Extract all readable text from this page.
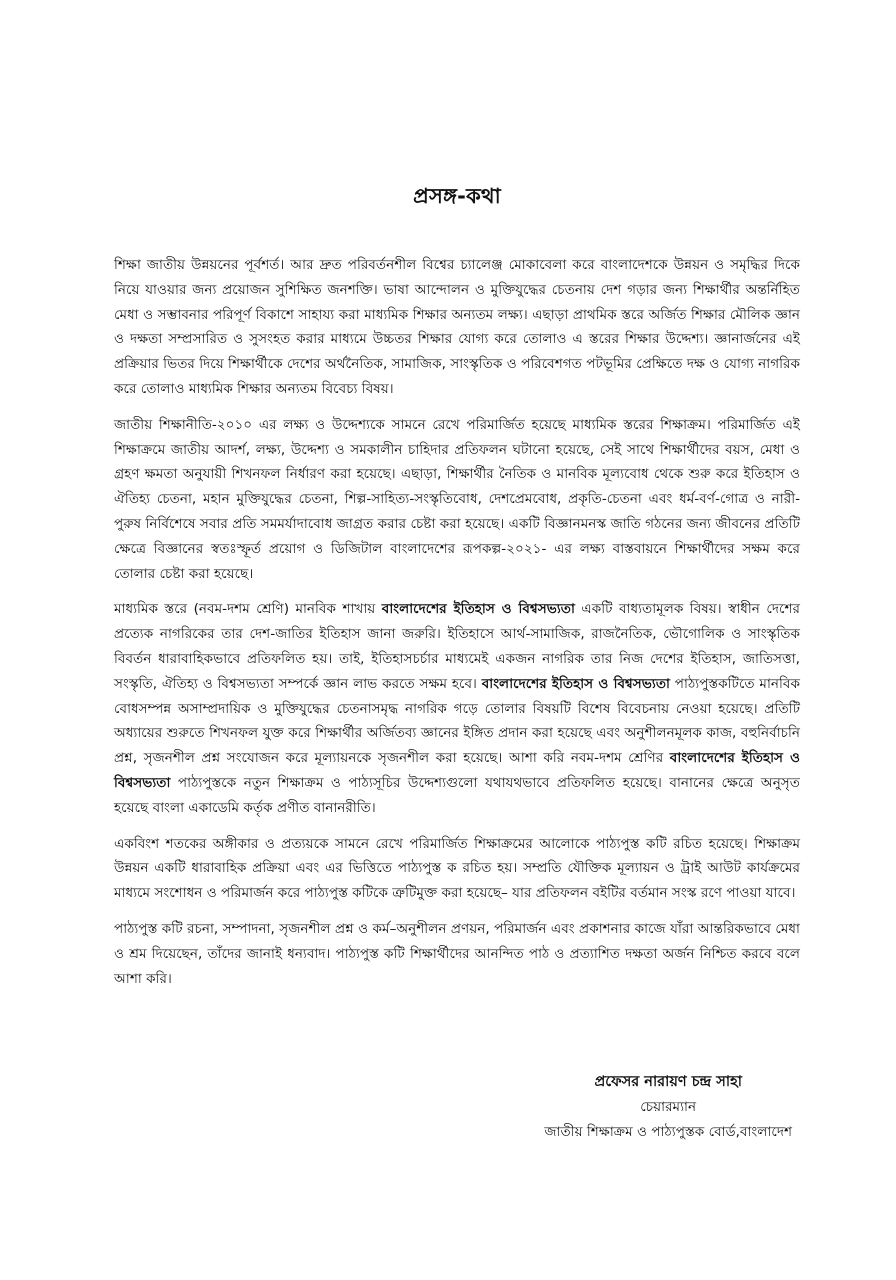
প্রসঙ্গ-কথা

শিক্ষা জাতীয় উন্নয়নের পূর্বশর্ত। আর দ্রুত পরিবর্তনশীল বিশ্বের চ্যালেঞ্জ মোকাবেলা করে বাংলাদেশকে উন্নয়ন ও সমৃদ্ধির দিকে নিয়ে যাওয়ার জন্য প্রয়োজন সুশিক্ষিত জনশক্তি। ভাষা আন্দোলন ও মুক্তিযুদ্ধের চেতনায় দেশ গড়ার জন্য শিক্ষার্থীর অন্তর্নিহিত মেধা ও সম্ভাবনার পরিপূর্ণ বিকাশে সাহায্য করা মাধ্যমিক শিক্ষার অন্যতম লক্ষ্য। এছাড়া প্রাথমিক স্তরে অর্জিত শিক্ষার মৌলিক জ্ঞান ও দক্ষতা সম্প্রসারিত ও সুসংহত করার মাধ্যমে উচ্চতর শিক্ষার যোগ্য করে তোলাও এ স্তরের শিক্ষার উদ্দেশ্য। জ্ঞানার্জনের এই প্রক্রিয়ার ভিতর দিয়ে শিক্ষার্থীকে দেশের অর্থনৈতিক, সামাজিক, সাংস্কৃতিক ও পরিবেশগত পটভূমির প্রেক্ষিতে দক্ষ ও যোগ্য নাগরিক করে তোলাও মাধ্যমিক শিক্ষার অন্যতম বিবেচ্য বিষয়।

জাতীয় শিক্ষানীতি-২০১০ এর লক্ষ্য ও উদ্দেশ্যকে সামনে রেখে পরিমার্জিত হয়েছে মাধ্যমিক স্তরের শিক্ষাক্রম। পরিমার্জিত এই শিক্ষাক্রমে জাতীয় আদর্শ, লক্ষ্য, উদ্দেশ্য ও সমকালীন চাহিদার প্রতিফলন ঘটানো হয়েছে, সেই সাথে শিক্ষার্থীদের বয়স, মেধা ও গ্রহণ ক্ষমতা অনুযায়ী শিখনফল নির্ধারণ করা হয়েছে। এছাড়া, শিক্ষার্থীর নৈতিক ও মানবিক মূল্যবোধ থেকে শুরু করে ইতিহাস ও ঐতিহ্য চেতনা, মহান মুক্তিযুদ্ধের চেতনা, শিল্প-সাহিত্য-সংস্কৃতিবোধ, দেশপ্রেমবোধ, প্রকৃতি-চেতনা এবং ধর্ম-বর্ণ-গোত্র ও নারী-পুরুষ নির্বিশেষে সবার প্রতি সমমর্যাদাবোধ জাগ্রত করার চেষ্টা করা হয়েছে। একটি বিজ্ঞানমনস্ক জাতি গঠনের জন্য জীবনের প্রতিটি ক্ষেত্রে বিজ্ঞানের স্বতঃস্ফূর্ত প্রয়োগ ও ডিজিটাল বাংলাদেশের রূপকল্প-২০২১- এর লক্ষ্য বাস্তবায়নে শিক্ষার্থীদের সক্ষম করে তোলার চেষ্টা করা হয়েছে।

মাধ্যমিক স্তরে (নবম-দশম শ্রেণি) মানবিক শাখায় বাংলাদেশের ইতিহাস ও বিশ্বসভ্যতা একটি বাধ্যতামূলক বিষয়। স্বাধীন দেশের প্রত্যেক নাগরিকের তার দেশ-জাতির ইতিহাস জানা জরুরি। ইতিহাসে আর্থ-সামাজিক, রাজনৈতিক, ভৌগোলিক ও সাংস্কৃতিক বিবর্তন ধারাবাহিকভাবে প্রতিফলিত হয়। তাই, ইতিহাসচর্চার মাধ্যমেই একজন নাগরিক তার নিজ দেশের ইতিহাস, জাতিসত্তা, সংস্কৃতি, ঐতিহ্য ও বিশ্বসভ্যতা সম্পর্কে জ্ঞান লাভ করতে সক্ষম হবে। বাংলাদেশের ইতিহাস ও বিশ্বসভ্যতা পাঠ্যপুস্তকটিতে মানবিক বোধসম্পন্ন অসাম্প্রদায়িক ও মুক্তিযুদ্ধের চেতনাসমৃদ্ধ নাগরিক গড়ে তোলার বিষয়টি বিশেষ বিবেচনায় নেওয়া হয়েছে। প্রতিটি অধ্যায়ের শুরুতে শিখনফল যুক্ত করে শিক্ষার্থীর অর্জিতব্য জ্ঞানের ইঙ্গিত প্রদান করা হয়েছে এবং অনুশীলনমূলক কাজ, বহুনির্বাচনি প্রশ্ন, সৃজনশীল প্রশ্ন সংযোজন করে মূল্যায়নকে সৃজনশীল করা হয়েছে। আশা করি নবম-দশম শ্রেণির বাংলাদেশের ইতিহাস ও বিশ্বসভ্যতা পাঠ্যপুস্তকে নতুন শিক্ষাক্রম ও পাঠ্যসূচির উদ্দেশ্যগুলো যথাযথভাবে প্রতিফলিত হয়েছে। বানানের ক্ষেত্রে অনুসৃত হয়েছে বাংলা একাডেমি কর্তৃক প্রণীত বানানরীতি।

একবিংশ শতকের অঙ্গীকার ও প্রত্যয়কে সামনে রেখে পরিমার্জিত শিক্ষাক্রমের আলোকে পাঠ্যপুস্ত কটি রচিত হয়েছে। শিক্ষাক্রম উন্নয়ন একটি ধারাবাহিক প্রক্রিয়া এবং এর ভিত্তিতে পাঠ্যপুস্ত ক রচিত হয়। সম্প্রতি যৌক্তিক মূল্যায়ন ও ট্রাই আউট কার্যক্রমের মাধ্যমে সংশোধন ও পরিমার্জন করে পাঠ্যপুস্ত কটিকে ত্রুটিমুক্ত করা হয়েছে– যার প্রতিফলন বইটির বর্তমান সংস্ক রণে পাওয়া যাবে।

পাঠ্যপুস্ত কটি রচনা, সম্পাদনা, সৃজনশীল প্রশ্ন ও কর্ম–অনুশীলন প্রণয়ন, পরিমার্জন এবং প্রকাশনার কাজে যাঁরা আন্তরিকভাবে মেধা ও শ্রম দিয়েছেন, তাঁদের জানাই ধন্যবাদ। পাঠ্যপুস্ত কটি শিক্ষার্থীদের আনন্দিত পাঠ ও প্রত্যাশিত দক্ষতা অর্জন নিশ্চিত করবে বলে আশা করি।

প্রফেসর নারায়ণ চন্দ্র সাহা
চেয়ারম্যান
জাতীয় শিক্ষাক্রম ও পাঠ্যপুস্তক বোর্ড,বাংলাদেশ
